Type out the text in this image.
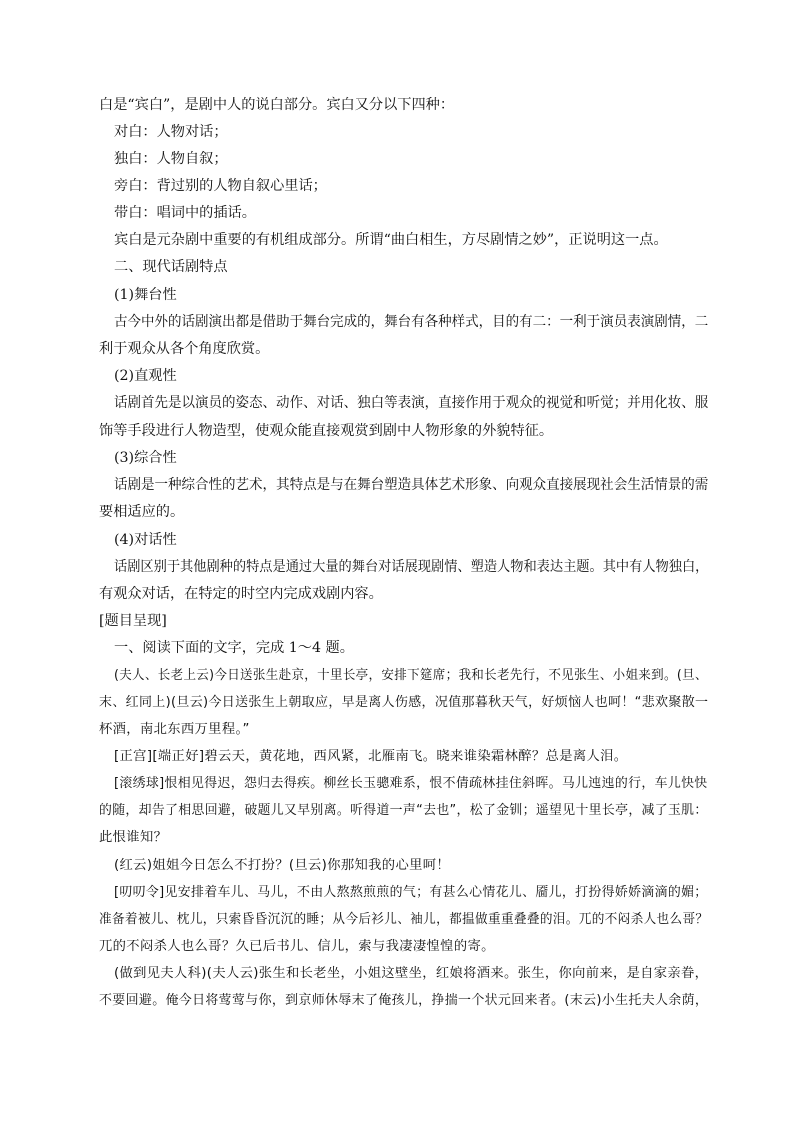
白是“宾白”，是剧中人的说白部分。宾白又分以下四种：
对白：人物对话；
独白：人物自叙；
旁白：背过别的人物自叙心里话；
带白：唱词中的插话。
宾白是元杂剧中重要的有机组成部分。所谓“曲白相生，方尽剧情之妙”，正说明这一点。
二、现代话剧特点
(1)舞台性
古今中外的话剧演出都是借助于舞台完成的，舞台有各种样式，目的有二：一利于演员表演剧情，二
利于观众从各个角度欣赏。
(2)直观性
话剧首先是以演员的姿态、动作、对话、独白等表演，直接作用于观众的视觉和听觉；并用化妆、服
饰等手段进行人物造型，使观众能直接观赏到剧中人物形象的外貌特征。
(3)综合性
话剧是一种综合性的艺术，其特点是与在舞台塑造具体艺术形象、向观众直接展现社会生活情景的需
要相适应的。
(4)对话性
话剧区别于其他剧种的特点是通过大量的舞台对话展现剧情、塑造人物和表达主题。其中有人物独白，
有观众对话，在特定的时空内完成戏剧内容。
[题目呈现]
一、阅读下面的文字，完成 1～4 题。
(夫人、长老上云)今日送张生赴京，十里长亭，安排下筵席；我和长老先行，不见张生、小姐来到。(旦、
末、红同上)(旦云)今日送张生上朝取应，早是离人伤感，况值那暮秋天气，好烦恼人也呵！“悲欢聚散一
杯酒，南北东西万里程。”
[正宫][端正好]碧云天，黄花地，西风紧，北雁南飞。晓来谁染霜林醉？总是离人泪。
[滚绣球]恨相见得迟，怨归去得疾。柳丝长玉骢难系，恨不倩疏林挂住斜晖。马儿迍迍的行，车儿快快
的随，却告了相思回避，破题儿又早别离。听得道一声“去也”，松了金钏；遥望见十里长亭，减了玉肌：
此恨谁知？
(红云)姐姐今日怎么不打扮？(旦云)你那知我的心里呵！
[叨叨令]见安排着车儿、马儿，不由人熬熬煎煎的气；有甚么心情花儿、靥儿，打扮得娇娇滴滴的媚；
准备着被儿、枕儿，只索昏昏沉沉的睡；从今后衫儿、袖儿，都揾做重重叠叠的泪。兀的不闷杀人也么哥？
兀的不闷杀人也么哥？久已后书儿、信儿，索与我凄凄惶惶的寄。
(做到见夫人科)(夫人云)张生和长老坐，小姐这壁坐，红娘将酒来。张生，你向前来，是自家亲眷，
不要回避。俺今日将莺莺与你，到京师休辱末了俺孩儿，挣揣一个状元回来者。(末云)小生托夫人余荫，
